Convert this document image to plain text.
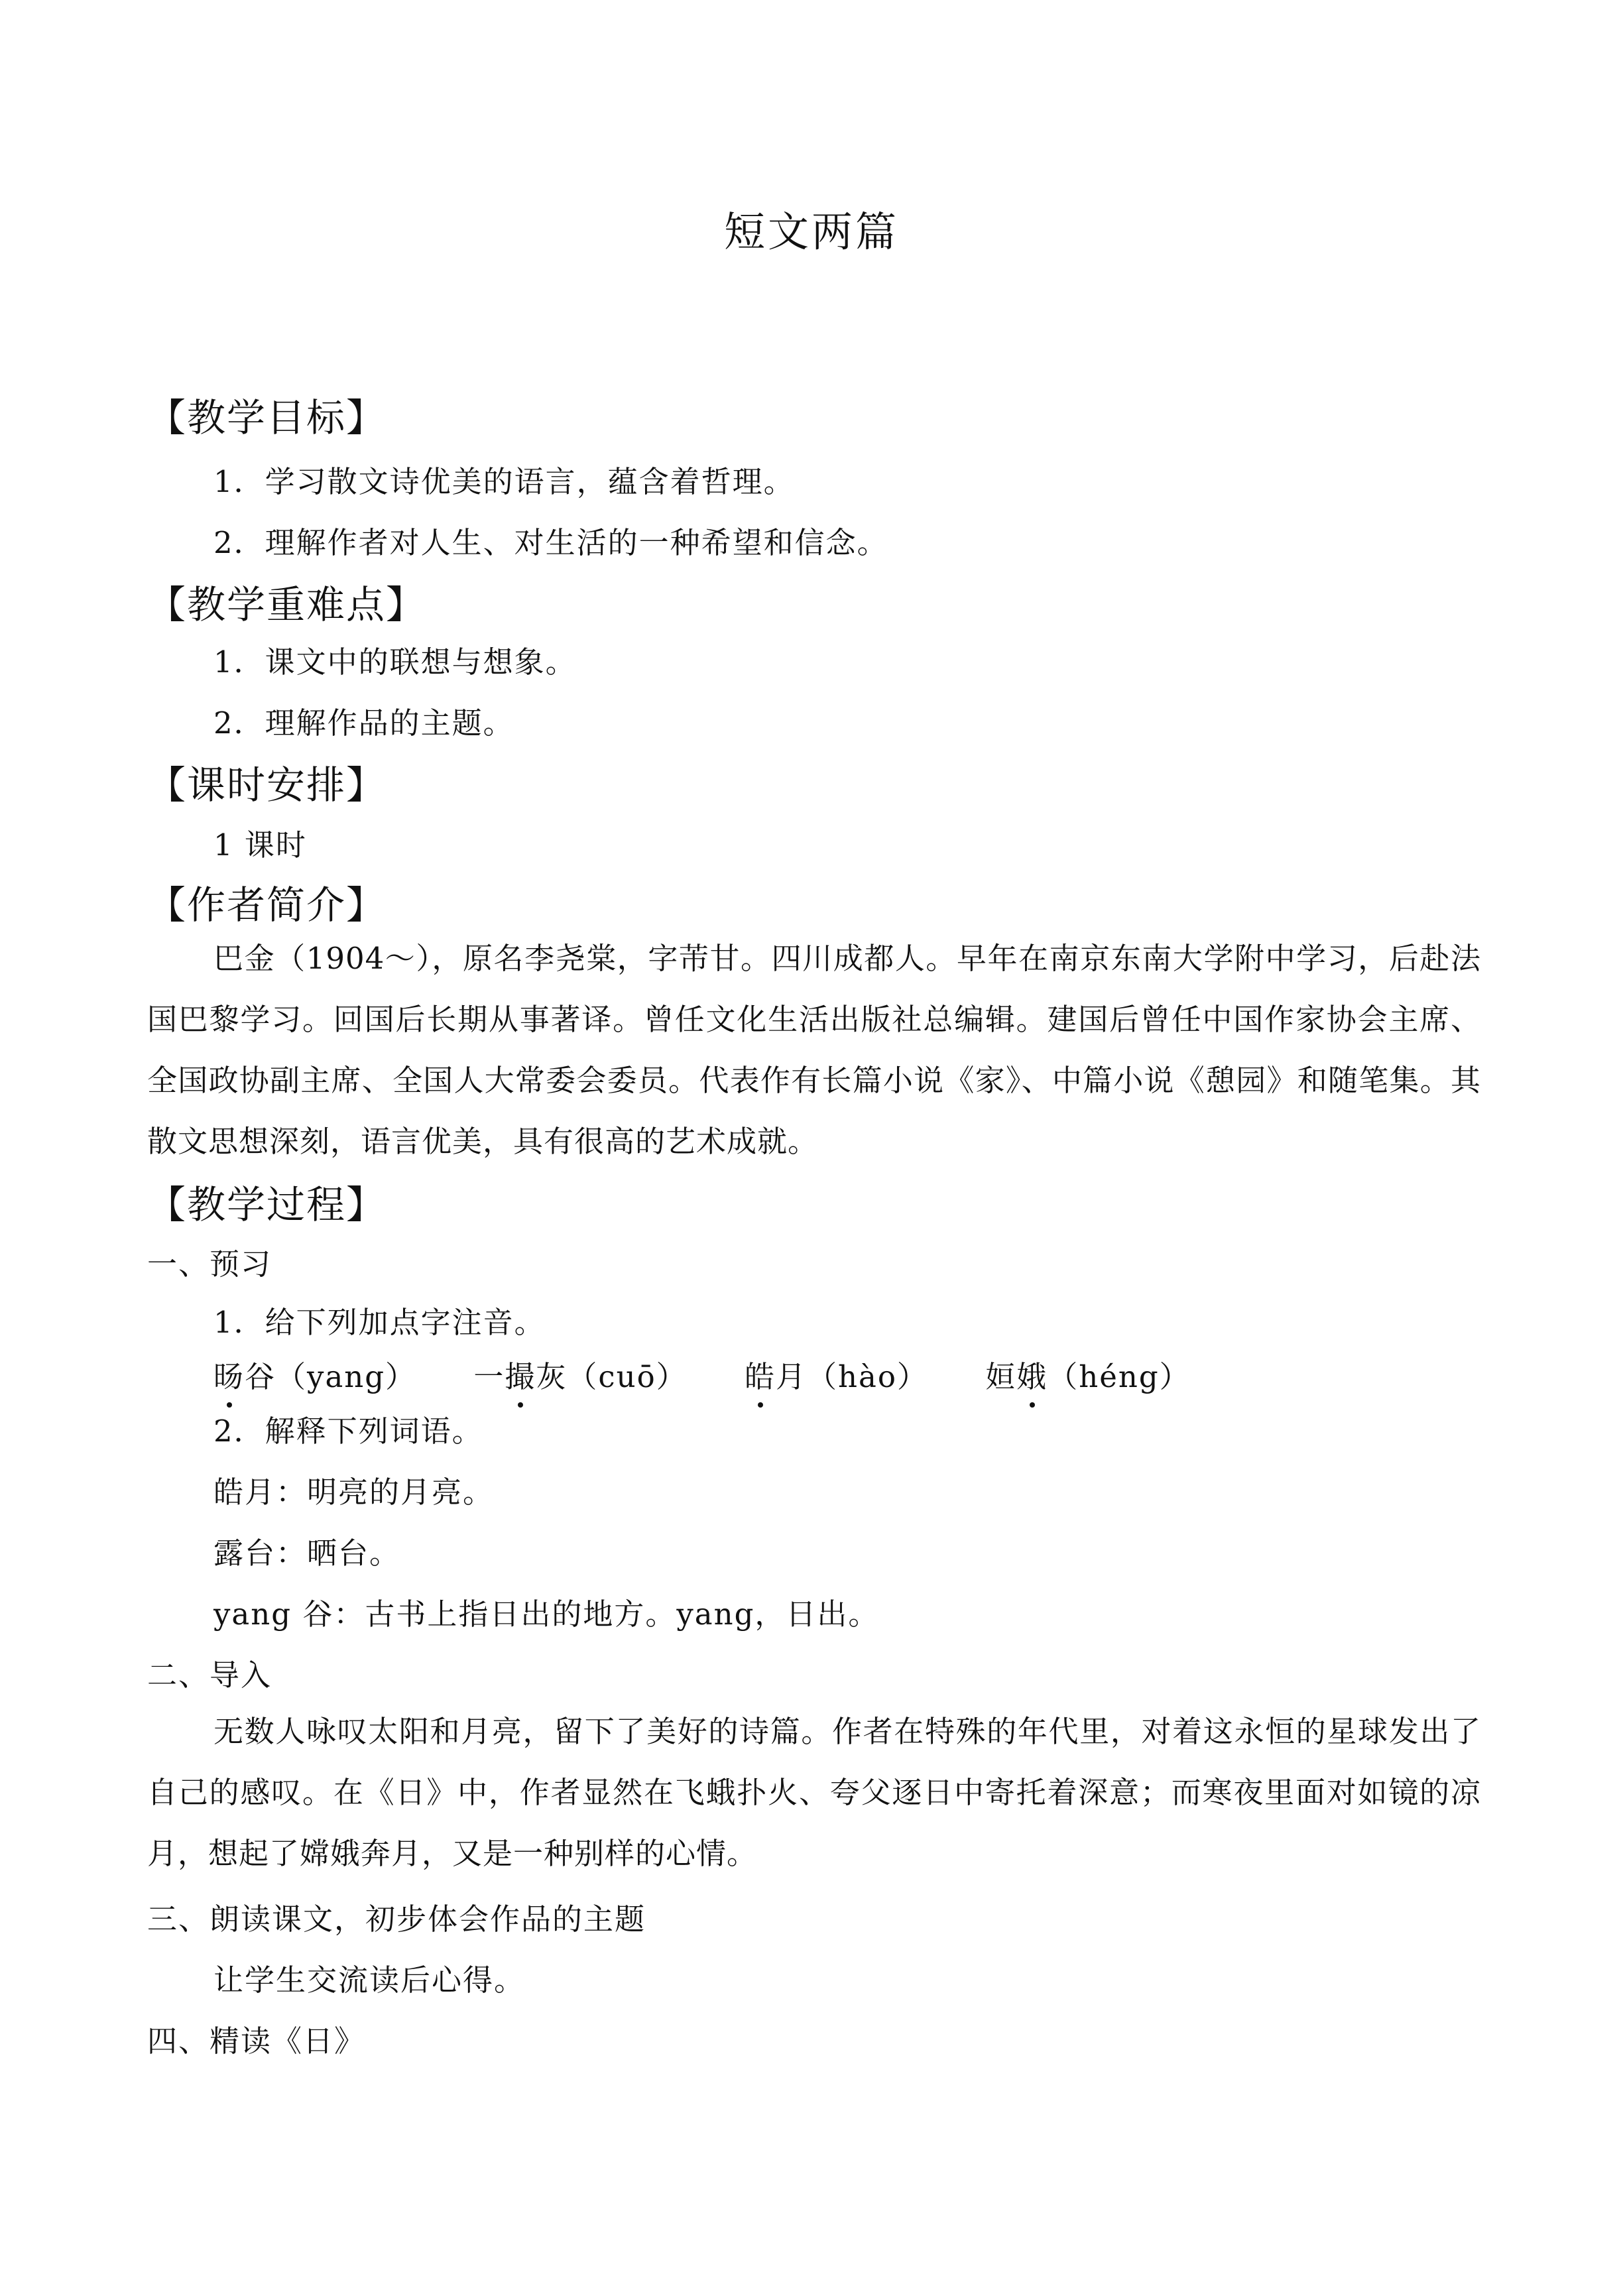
短文两篇
【教学目标】
1．学习散文诗优美的语言，蕴含着哲理。
2．理解作者对人生、对生活的一种希望和信念。
【教学重难点】
1．课文中的联想与想象。
2．理解作品的主题。
【课时安排】
1 课时
【作者简介】
巴金（1904～），原名李尧棠，字芾甘。四川成都人。早年在南京东南大学附中学习，后赴法国巴黎学习。回国后长期从事著译。曾任文化生活出版社总编辑。建国后曾任中国作家协会主席、全国政协副主席、全国人大常委会委员。代表作有长篇小说《家》、中篇小说《憩园》和随笔集。其散文思想深刻，语言优美，具有很高的艺术成就。
【教学过程】
一、预习
1．给下列加点字注音。
旸谷（yang） 一撮灰（cuō） 皓月（hào） 姮娥（héng）
2．解释下列词语。
皓月：明亮的月亮。
露台：晒台。
yang 谷：古书上指日出的地方。yang，日出。
二、导入
无数人咏叹太阳和月亮，留下了美好的诗篇。作者在特殊的年代里，对着这永恒的星球发出了自己的感叹。在《日》中，作者显然在飞蛾扑火、夸父逐日中寄托着深意；而寒夜里面对如镜的凉月，想起了嫦娥奔月，又是一种别样的心情。
三、朗读课文，初步体会作品的主题
让学生交流读后心得。
四、精读《日》
